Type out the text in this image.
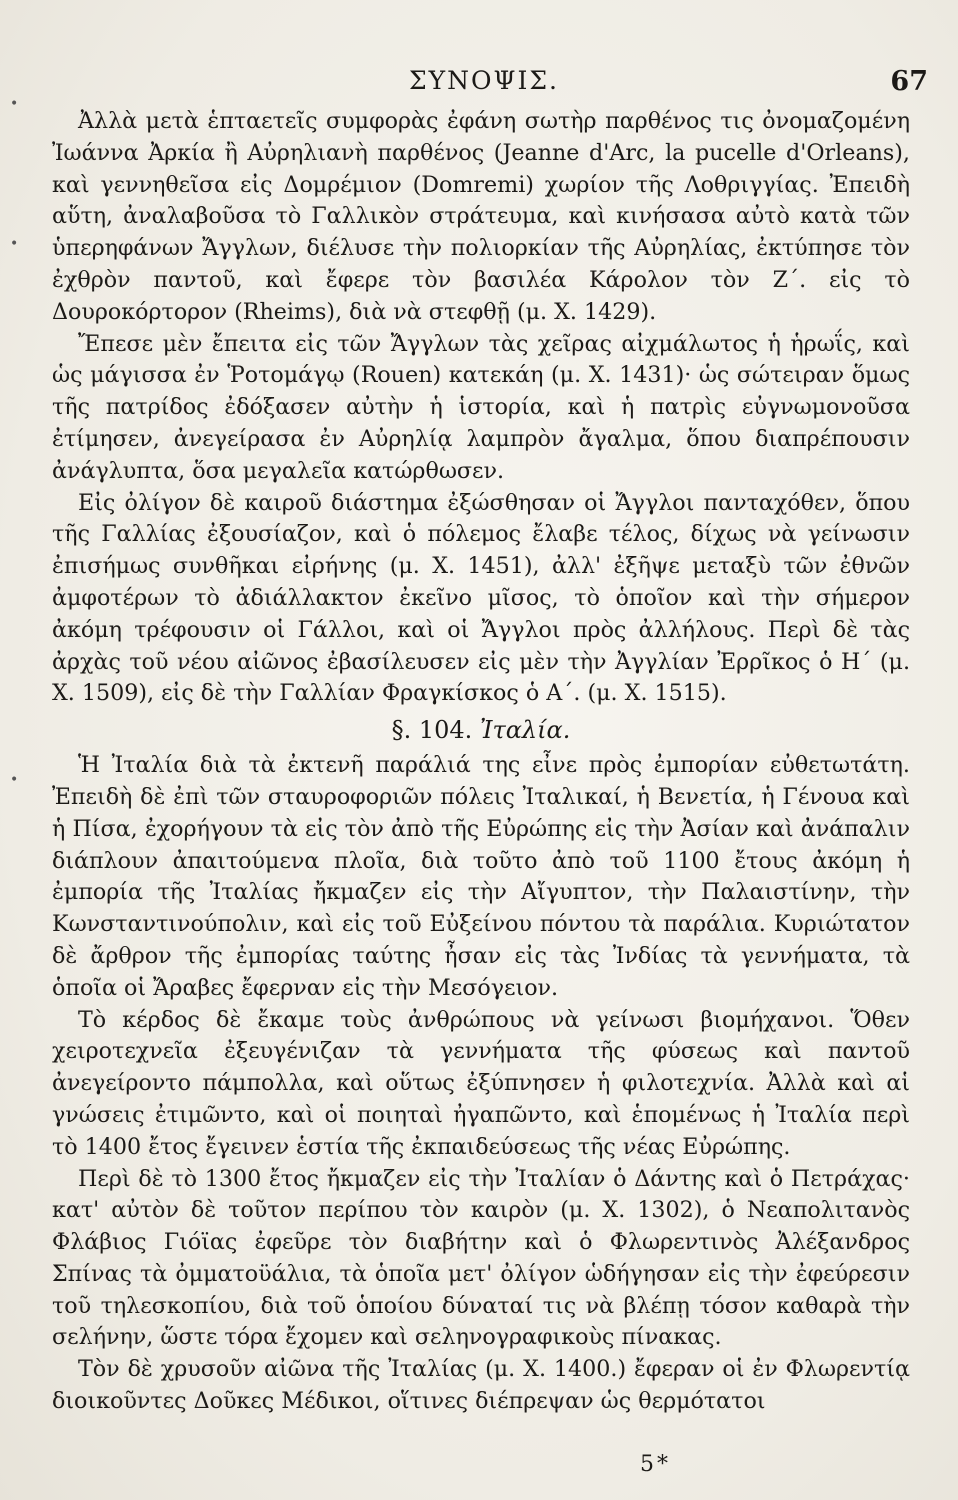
ΣΥΝΟΨΙΣ.	67

Ἀλλὰ μετὰ ἑπταετεῖς συμφορὰς ἐφάνη σωτὴρ παρθένος τις ὀνομαζομένη Ἰωάννα Ἀρκία ἢ Αὐρηλιανὴ παρθένος (Jeanne d'Arc, la pucelle d'Orleans), καὶ γεννηθεῖσα εἰς Δομρέμιον (Domremi) χωρίον τῆς Λοθριγγίας. Ἐπειδὴ αὕτη, ἀναλαβοῦσα τὸ Γαλλικὸν στράτευμα, καὶ κινήσασα αὐτὸ κατὰ τῶν ὑπερηφάνων Ἄγγλων, διέλυσε τὴν πολιορκίαν τῆς Αὐρηλίας, ἐκτύπησε τὸν ἐχθρὸν παντοῦ, καὶ ἔφερε τὸν βασιλέα Κάρολον τὸν Ζ΄. εἰς τὸ Δουροκόρτορον (Rheims), διὰ νὰ στεφθῇ (μ. Χ. 1429).

Ἔπεσε μὲν ἔπειτα εἰς τῶν Ἄγγλων τὰς χεῖρας αἰχμάλωτος ἡ ἡρωΐς, καὶ ὡς μάγισσα ἐν Ῥοτομάγῳ (Rouen) κατεκάη (μ. Χ. 1431)· ὡς σώτειραν ὅμως τῆς πατρίδος ἐδόξασεν αὐτὴν ἡ ἱστορία, καὶ ἡ πατρὶς εὐγνωμονοῦσα ἐτίμησεν, ἀνεγείρασα ἐν Αὐρηλίᾳ λαμπρὸν ἄγαλμα, ὅπου διαπρέπουσιν ἀνάγλυπτα, ὅσα μεγαλεῖα κατώρθωσεν.

Εἰς ὀλίγον δὲ καιροῦ διάστημα ἐξώσθησαν οἱ Ἄγγλοι πανταχόθεν, ὅπου τῆς Γαλλίας ἐξουσίαζον, καὶ ὁ πόλεμος ἔλαβε τέλος, δίχως νὰ γείνωσιν ἐπισήμως συνθῆκαι εἰρήνης (μ. Χ. 1451), ἀλλ' ἐξῆψε μεταξὺ τῶν ἐθνῶν ἀμφοτέρων τὸ ἀδιάλλακτον ἐκεῖνο μῖσος, τὸ ὁποῖον καὶ τὴν σήμερον ἀκόμη τρέφουσιν οἱ Γάλλοι, καὶ οἱ Ἄγγλοι πρὸς ἀλλήλους. Περὶ δὲ τὰς ἀρχὰς τοῦ νέου αἰῶνος ἐβασίλευσεν εἰς μὲν τὴν Ἀγγλίαν Ἐρρῖκος ὁ Η΄ (μ. Χ. 1509), εἰς δὲ τὴν Γαλλίαν Φραγκίσκος ὁ Α΄. (μ. Χ. 1515).

§. 104. Ἰταλία.

Ἡ Ἰταλία διὰ τὰ ἐκτενῆ παράλιά της εἶνε πρὸς ἐμπορίαν εὐθετωτάτη. Ἐπειδὴ δὲ ἐπὶ τῶν σταυροφοριῶν πόλεις Ἰταλικαί, ἡ Βενετία, ἡ Γένουα καὶ ἡ Πίσα, ἐχορήγουν τὰ εἰς τὸν ἀπὸ τῆς Εὐρώπης εἰς τὴν Ἀσίαν καὶ ἀνάπαλιν διάπλουν ἀπαιτούμενα πλοῖα, διὰ τοῦτο ἀπὸ τοῦ 1100 ἔτους ἀκόμη ἡ ἐμπορία τῆς Ἰταλίας ἤκμαζεν εἰς τὴν Αἴγυπτον, τὴν Παλαιστίνην, τὴν Κωνσταντινούπολιν, καὶ εἰς τοῦ Εὐξείνου πόντου τὰ παράλια. Κυριώτατον δὲ ἄρθρον τῆς ἐμπορίας ταύτης ἦσαν εἰς τὰς Ἰνδίας τὰ γεννήματα, τὰ ὁποῖα οἱ Ἄραβες ἔφερναν εἰς τὴν Μεσόγειον.

Τὸ κέρδος δὲ ἔκαμε τοὺς ἀνθρώπους νὰ γείνωσι βιομήχανοι. Ὅθεν χειροτεχνεῖα ἐξευγένιζαν τὰ γεννήματα τῆς φύσεως καὶ παντοῦ ἀνεγείροντο πάμπολλα, καὶ οὕτως ἐξύπνησεν ἡ φιλοτεχνία. Ἀλλὰ καὶ αἱ γνώσεις ἐτιμῶντο, καὶ οἱ ποιηταὶ ἠγαπῶντο, καὶ ἑπομένως ἡ Ἰταλία περὶ τὸ 1400 ἔτος ἔγεινεν ἑστία τῆς ἐκπαιδεύσεως τῆς νέας Εὐρώπης.

Περὶ δὲ τὸ 1300 ἔτος ἤκμαζεν εἰς τὴν Ἰταλίαν ὁ Δάντης καὶ ὁ Πετράχας· κατ' αὐτὸν δὲ τοῦτον περίπου τὸν καιρὸν (μ. Χ. 1302), ὁ Νεαπολιτανὸς Φλάβιος Γιόϊας ἐφεῦρε τὸν διαβήτην καὶ ὁ Φλωρεντινὸς Ἀλέξανδρος Σπίνας τὰ ὀμματοϋάλια, τὰ ὁποῖα μετ' ὀλίγον ὡδήγησαν εἰς τὴν ἐφεύρεσιν τοῦ τηλεσκοπίου, διὰ τοῦ ὁποίου δύναταί τις νὰ βλέπῃ τόσον καθαρὰ τὴν σελήνην, ὥστε τόρα ἔχομεν καὶ σεληνογραφικοὺς πίνακας.

Τὸν δὲ χρυσοῦν αἰῶνα τῆς Ἰταλίας (μ. Χ. 1400.) ἔφεραν οἱ ἐν Φλωρεντίᾳ διοικοῦντες Δοῦκες Μέδικοι, οἵτινες διέπρεψαν ὡς θερμότατοι

5*
•
•
•
